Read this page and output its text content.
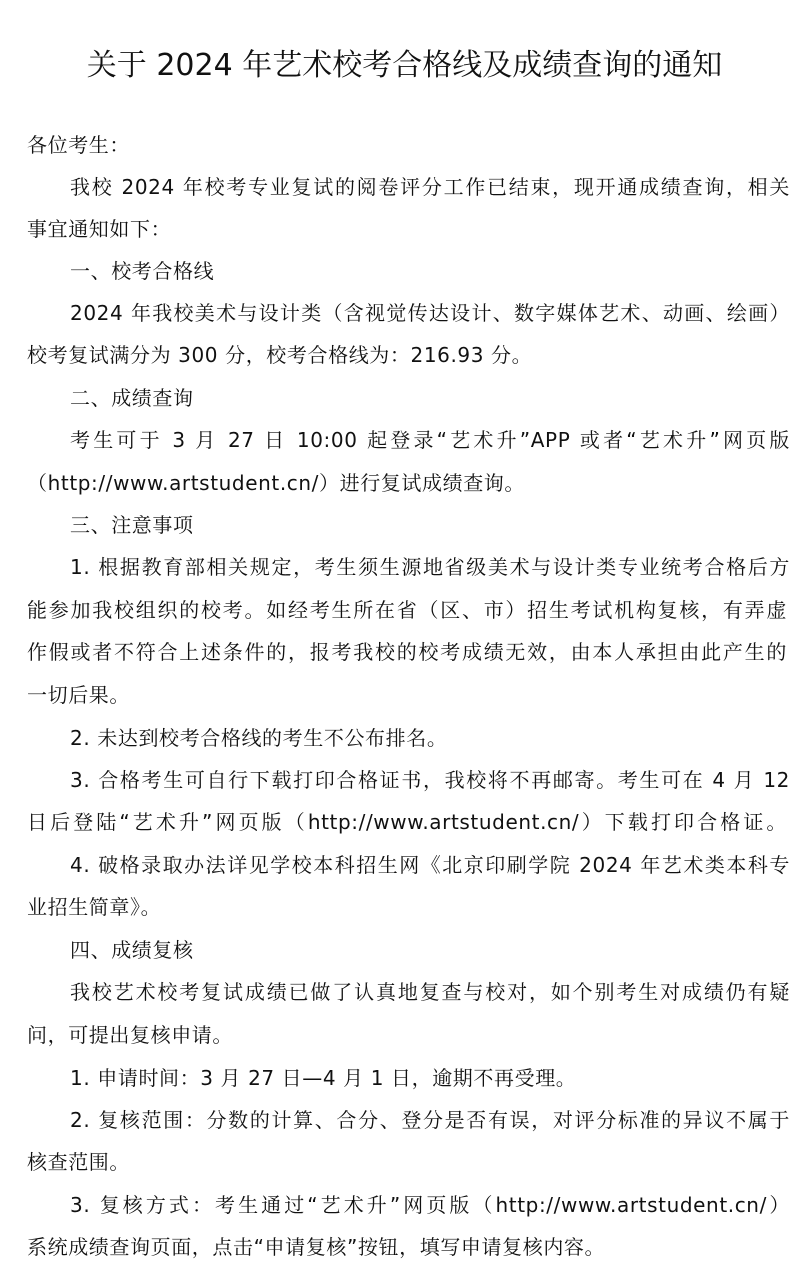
关于 2024 年艺术校考合格线及成绩查询的通知
各位考生：
我校 2024 年校考专业复试的阅卷评分工作已结束，现开通成绩查询，相关
事宜通知如下：
一、校考合格线
2024 年我校美术与设计类（含视觉传达设计、数字媒体艺术、动画、绘画）
校考复试满分为 300 分，校考合格线为：216.93 分。
二、成绩查询
考生可于 3 月 27 日 10:00 起登录“艺术升”APP 或者“艺术升”网页版
（http://www.artstudent.cn/）进行复试成绩查询。
三、注意事项
1. 根据教育部相关规定，考生须生源地省级美术与设计类专业统考合格后方
能参加我校组织的校考。如经考生所在省（区、市）招生考试机构复核，有弄虚
作假或者不符合上述条件的，报考我校的校考成绩无效，由本人承担由此产生的
一切后果。
2. 未达到校考合格线的考生不公布排名。
3. 合格考生可自行下载打印合格证书，我校将不再邮寄。考生可在 4 月 12
日后登陆“艺术升”网页版（http://www.artstudent.cn/）下载打印合格证。
4. 破格录取办法详见学校本科招生网《北京印刷学院 2024 年艺术类本科专
业招生简章》。
四、成绩复核
我校艺术校考复试成绩已做了认真地复查与校对，如个别考生对成绩仍有疑
问，可提出复核申请。
1. 申请时间：3 月 27 日—4 月 1 日，逾期不再受理。
2. 复核范围：分数的计算、合分、登分是否有误，对评分标准的异议不属于
核查范围。
3. 复核方式：考生通过“艺术升”网页版（http://www.artstudent.cn/）
系统成绩查询页面，点击“申请复核”按钮，填写申请复核内容。
